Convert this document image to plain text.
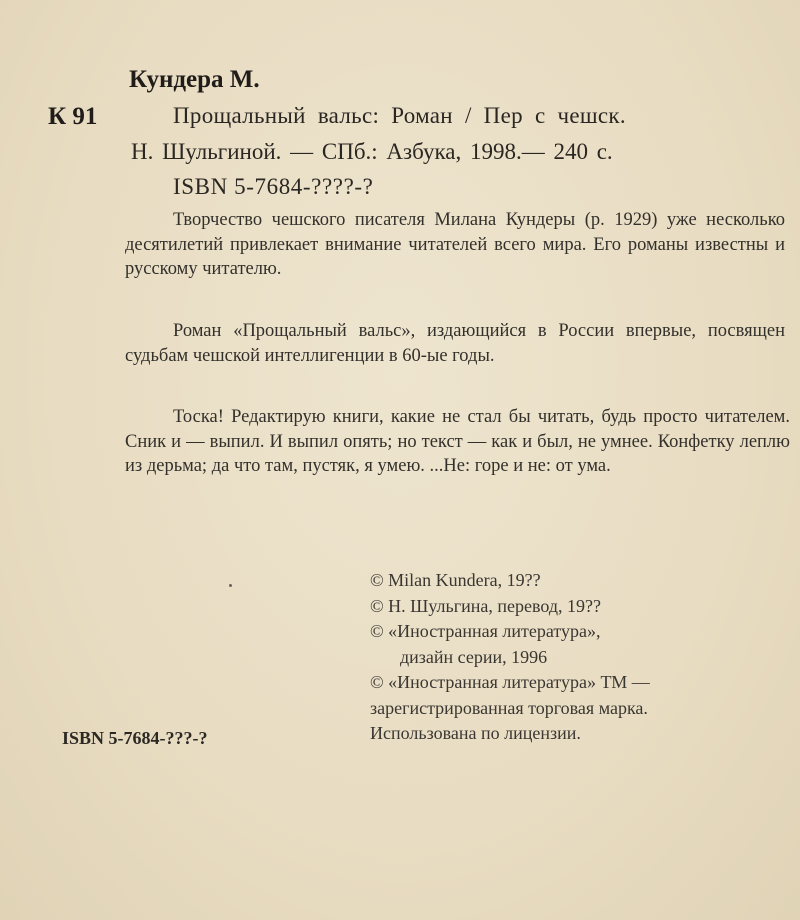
Кундера М.
К 91	Прощальный вальс: Роман / Пер с чешск.
Н. Шульгиной. — СПб.: Азбука, 1998.— 240 с.
ISBN 5-7684-????-?

Творчество чешского писателя Милана Кундеры (р. 1929) уже несколько десятилетий привлекает внимание читателей всего мира. Его романы известны и русскому читателю.

Роман «Прощальный вальс», издающийся в России впервые, посвящен судьбам чешской интеллигенции в 60-ые годы.

Тоска! Редактирую книги, какие не стал бы читать, будь просто читателем. Сник и — выпил. И выпил опять; но текст — как и был, не умнее. Конфетку леплю из дерьма; да что там, пустяк, я умею. ...Не: горе и не: от ума.

© Milan Kundera, 19??
© Н. Шульгина, перевод, 19??
© «Иностранная литература»,
дизайн серии, 1996
© «Иностранная литература» ТМ —
зарегистрированная торговая марка.
Использована по лицензии.
ISBN 5-7684-???-?
